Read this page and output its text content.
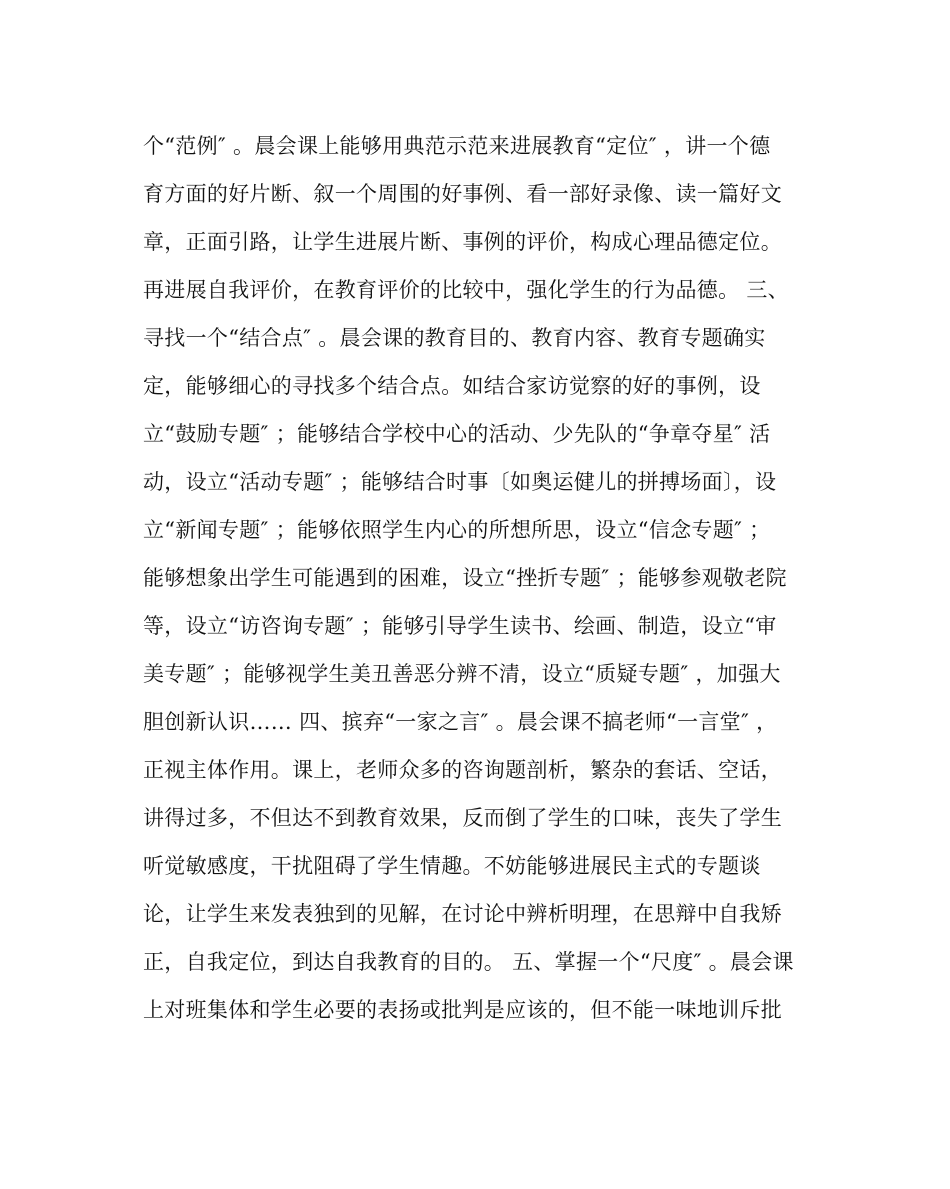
个“范例″ 。晨会课上能够用典范示范来进展教育“定位″ ，讲一个德
育方面的好片断、叙一个周围的好事例、看一部好录像、读一篇好文
章，正面引路，让学生进展片断、事例的评价，构成心理品德定位。
再进展自我评价，在教育评价的比较中，强化学生的行为品德。 三、
寻找一个“结合点″ 。晨会课的教育目的、教育内容、教育专题确实
定，能够细心的寻找多个结合点。如结合家访觉察的好的事例，设
立“鼓励专题″ ；能够结合学校中心的活动、少先队的“争章夺星″ 活
动，设立“活动专题″ ；能够结合时事〔如奥运健儿的拼搏场面〕，设
立“新闻专题″ ；能够依照学生内心的所想所思，设立“信念专题″ ；
能够想象出学生可能遇到的困难，设立“挫折专题″ ；能够参观敬老院
等，设立“访咨询专题″ ；能够引导学生读书、绘画、制造，设立“审
美专题″ ；能够视学生美丑善恶分辨不清，设立“质疑专题″ ，加强大
胆创新认识…… 四、摈弃“一家之言″ 。晨会课不搞老师“一言堂″ ，
正视主体作用。课上，老师众多的咨询题剖析，繁杂的套话、空话，
讲得过多，不但达不到教育效果，反而倒了学生的口味，丧失了学生
听觉敏感度，干扰阻碍了学生情趣。不妨能够进展民主式的专题谈
论，让学生来发表独到的见解，在讨论中辨析明理，在思辩中自我矫
正，自我定位，到达自我教育的目的。 五、掌握一个“尺度″ 。晨会课
上对班集体和学生必要的表扬或批判是应该的，但不能一味地训斥批
